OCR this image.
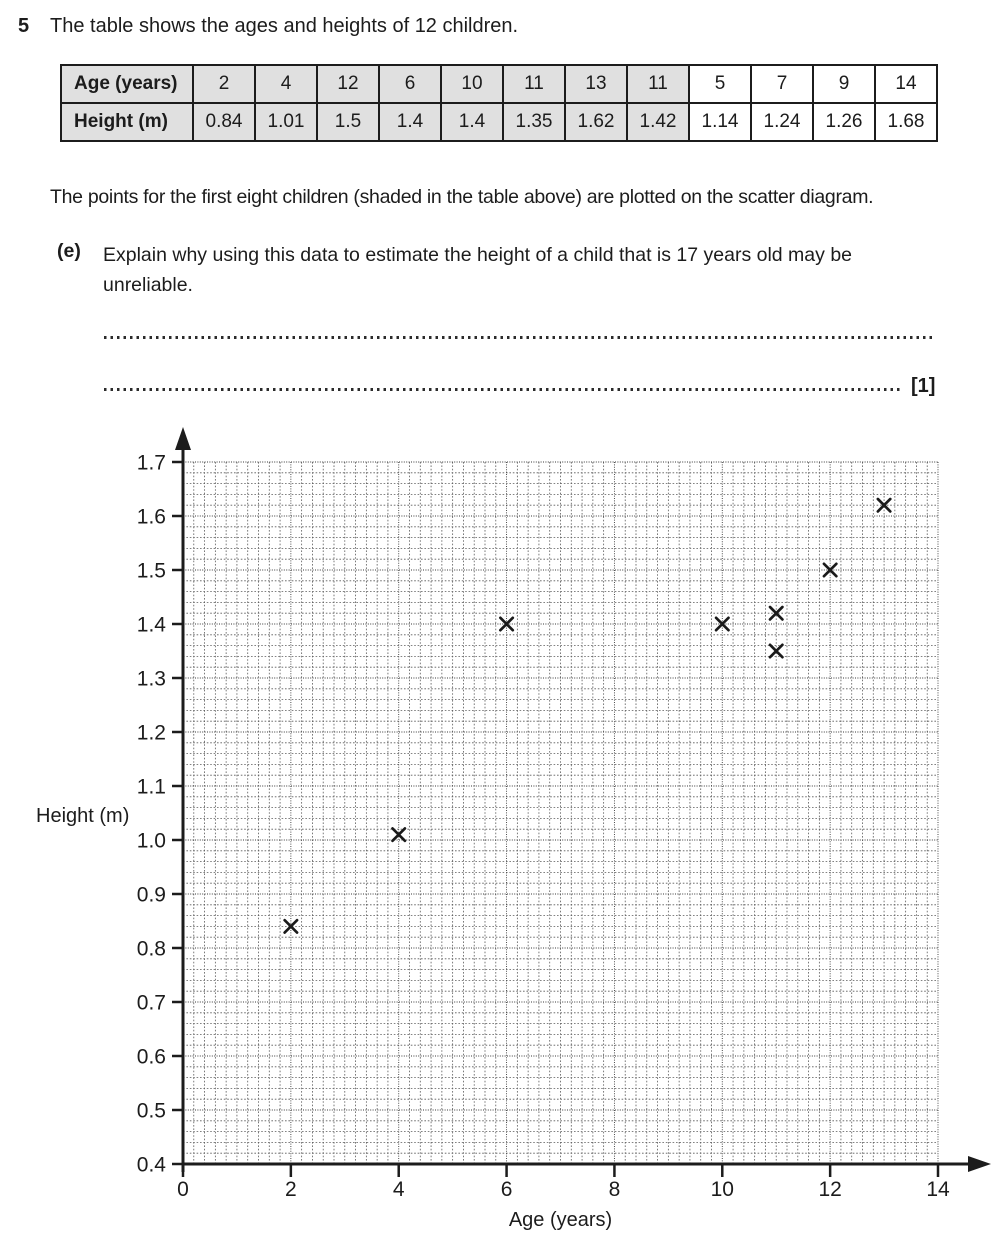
5 The table shows the ages and heights of 12 children.
Age (years)	2	4	12	6	10	11	13	11	5	7	9	14
Height (m)	0.84	1.01	1.5	1.4	1.4	1.35	1.62	1.42	1.14	1.24	1.26	1.68
The points for the first eight children (shaded in the table above) are plotted on the scatter diagram.
(e) Explain why using this data to estimate the height of a child that is 17 years old may be
unreliable.
[1]
1.7
1.6
1.5
1.4
1.3
1.2
1.1
1.0
0.9
0.8
0.7
0.6
0.5
0.4
0	2	4	6	8	10	12	14
Height (m)
Age (years)
